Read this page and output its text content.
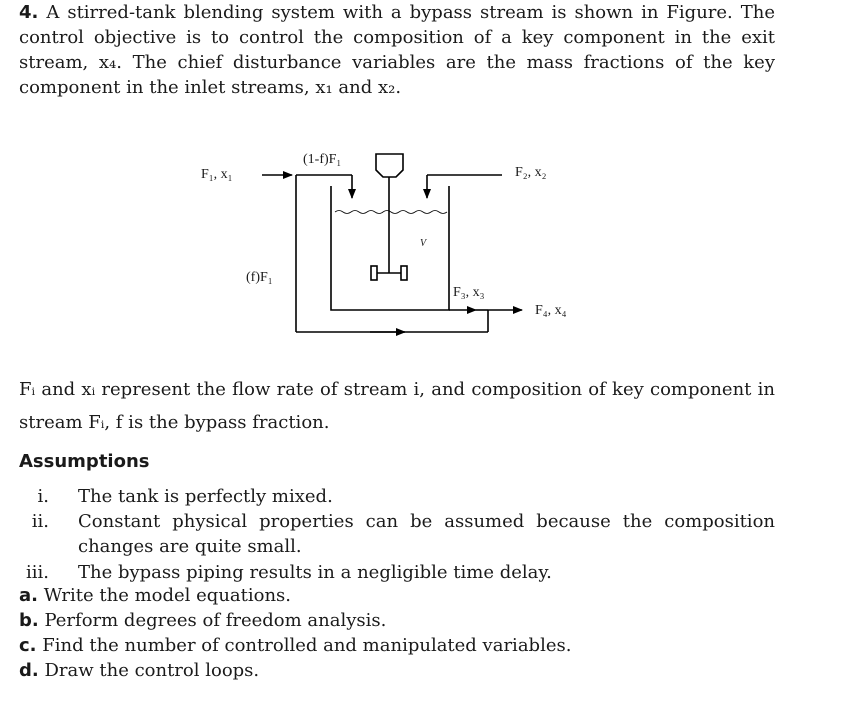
4. A stirred-tank blending system with a bypass stream is shown in Figure. The control objective is to control the composition of a key component in the exit stream, x₄. The chief disturbance variables are the mass fractions of the key component in the inlet streams, x₁ and x₂.

F₁, x₁
(1-f)F₁
F₂, x₂
V
(f)F₁
F₃, x₃
F₄, x₄

Fᵢ and xᵢ represent the flow rate of stream i, and composition of key component in stream Fᵢ, f is the bypass fraction.

Assumptions
i. The tank is perfectly mixed.
ii. Constant physical properties can be assumed because the composition changes are quite small.
iii. The bypass piping results in a negligible time delay.
a. Write the model equations.
b. Perform degrees of freedom analysis.
c. Find the number of controlled and manipulated variables.
d. Draw the control loops.
